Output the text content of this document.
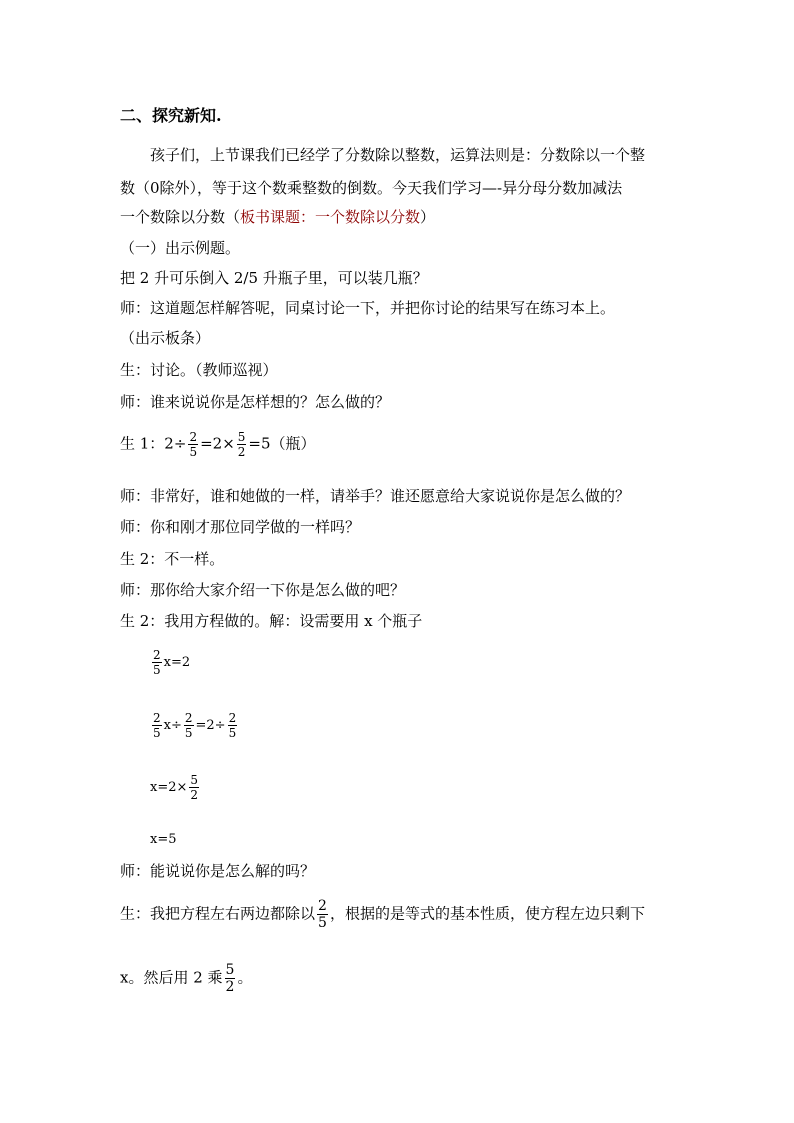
二、探究新知.
孩子们，上节课我们已经学了分数除以整数，运算法则是：分数除以一个整
数（0除外），等于这个数乘整数的倒数。今天我们学习—-异分母分数加减法
一个数除以分数（板书课题：一个数除以分数）
（一）出示例题。
把 2 升可乐倒入 2/5 升瓶子里，可以装几瓶？
师：这道题怎样解答呢，同桌讨论一下，并把你讨论的结果写在练习本上。
（出示板条）
生：讨论。（教师巡视）
师：谁来说说你是怎样想的？怎么做的？
生 1：$2\div \frac{2}{5} =2\times \frac{5}{2} =5$（瓶）
师：非常好，谁和她做的一样，请举手？谁还愿意给大家说说你是怎么做的？
师：你和刚才那位同学做的一样吗？
生 2：不一样。
师：那你给大家介绍一下你是怎么做的吧？
生 2：我用方程做的。解：设需要用 x 个瓶子
$\frac{2}{5} x=2$
$\frac{2}{5} x\div \frac{2}{5} =2\div \frac{2}{5}$
$x=2\times \frac{5}{2}$
x=5
师：能说说你是怎么解的吗？
生：我把方程左右两边都除以 $\frac{2}{5}$ ，根据的是等式的基本性质，使方程左边只剩下
x。然后用 2 乘 $\frac{5}{2}$ 。
